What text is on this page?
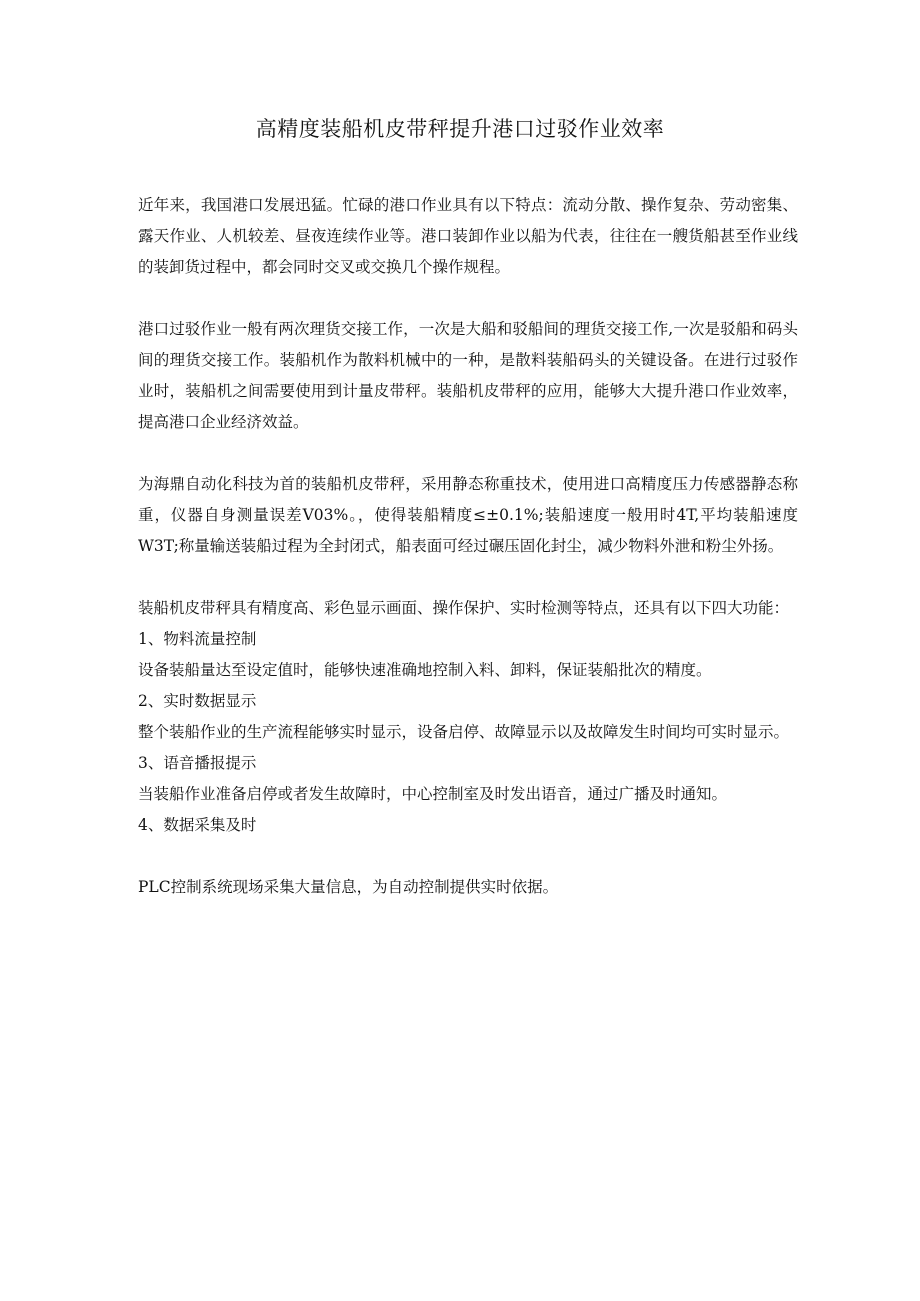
高精度装船机皮带秤提升港口过驳作业效率

近年来，我国港口发展迅猛。忙碌的港口作业具有以下特点：流动分散、操作复杂、劳动密集、露天作业、人机较差、昼夜连续作业等。港口装卸作业以船为代表，往往在一艘货船甚至作业线的装卸货过程中，都会同时交叉或交换几个操作规程。

港口过驳作业一般有两次理货交接工作，一次是大船和驳船间的理货交接工作,一次是驳船和码头间的理货交接工作。装船机作为散料机械中的一种，是散料装船码头的关键设备。在进行过驳作业时，装船机之间需要使用到计量皮带秤。装船机皮带秤的应用，能够大大提升港口作业效率，提高港口企业经济效益。

为海鼎自动化科技为首的装船机皮带秤，采用静态称重技术，使用进口高精度压力传感器静态称重，仪器自身测量误差V03%。，使得装船精度≤±0.1%;装船速度一般用时4T,平均装船速度W3T;称量输送装船过程为全封闭式，船表面可经过碾压固化封尘，减少物料外泄和粉尘外扬。

装船机皮带秤具有精度高、彩色显示画面、操作保护、实时检测等特点，还具有以下四大功能：

1、物料流量控制

设备装船量达至设定值时，能够快速准确地控制入料、卸料，保证装船批次的精度。

2、实时数据显示

整个装船作业的生产流程能够实时显示，设备启停、故障显示以及故障发生时间均可实时显示。

3、语音播报提示

当装船作业准备启停或者发生故障时，中心控制室及时发出语音，通过广播及时通知。

4、数据采集及时

PLC控制系统现场采集大量信息，为自动控制提供实时依据。
